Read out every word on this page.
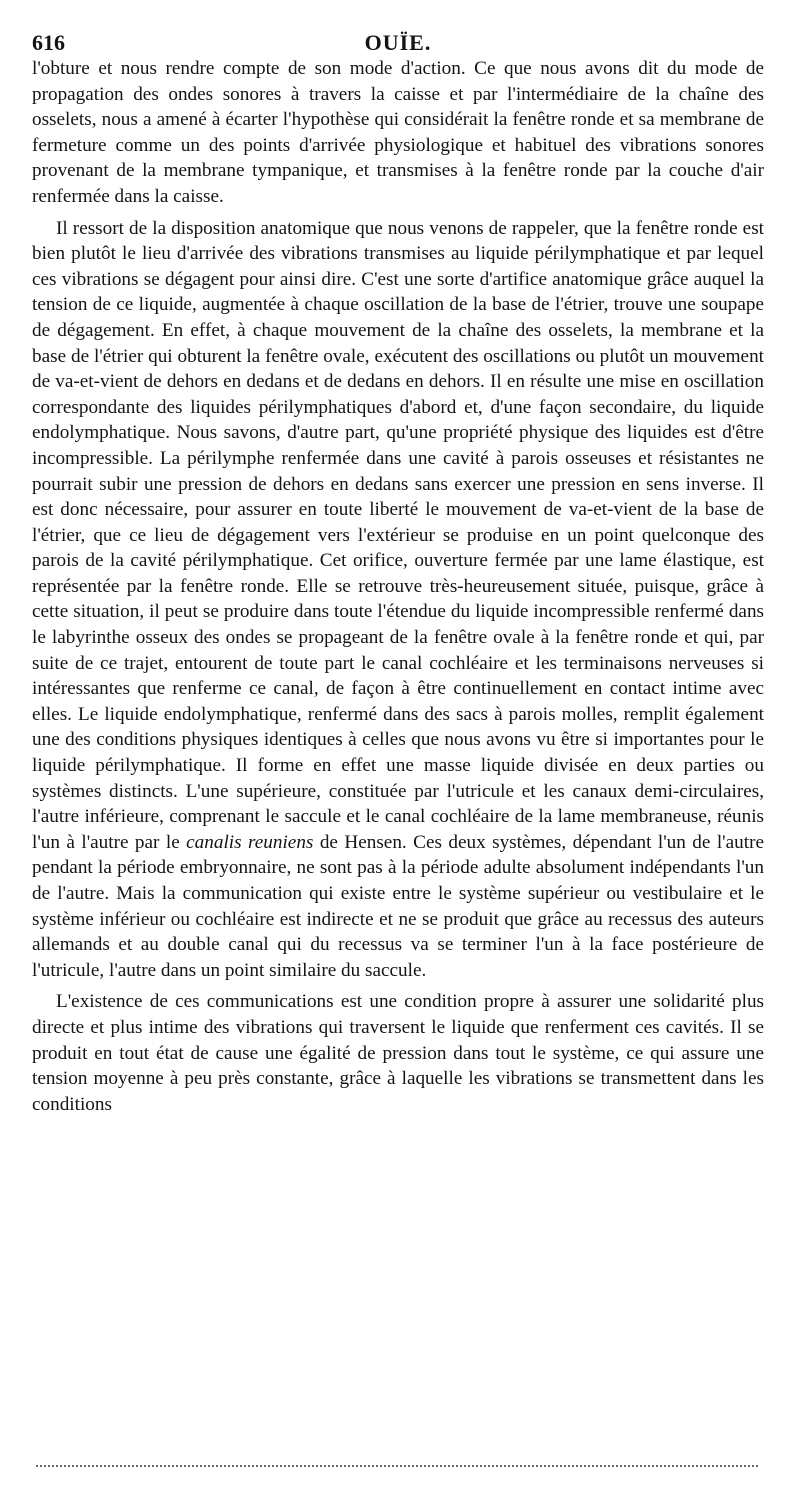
616	OUÏE.

l'obture et nous rendre compte de son mode d'action. Ce que nous avons dit du mode de propagation des ondes sonores à travers la caisse et par l'intermédiaire de la chaîne des osselets, nous a amené à écarter l'hypothèse qui considérait la fenêtre ronde et sa membrane de fermeture comme un des points d'arrivée physiologique et habituel des vibrations sonores provenant de la membrane tympanique, et transmises à la fenêtre ronde par la couche d'air renfermée dans la caisse.

Il ressort de la disposition anatomique que nous venons de rappeler, que la fenêtre ronde est bien plutôt le lieu d'arrivée des vibrations transmises au liquide périlymphatique et par lequel ces vibrations se dégagent pour ainsi dire. C'est une sorte d'artifice anatomique grâce auquel la tension de ce liquide, augmentée à chaque oscillation de la base de l'étrier, trouve une soupape de dégagement. En effet, à chaque mouvement de la chaîne des osselets, la membrane et la base de l'étrier qui obturent la fenêtre ovale, exécutent des oscillations ou plutôt un mouvement de va-et-vient de dehors en dedans et de dedans en dehors. Il en résulte une mise en oscillation correspondante des liquides périlymphatiques d'abord et, d'une façon secondaire, du liquide endolymphatique. Nous savons, d'autre part, qu'une propriété physique des liquides est d'être incompressible. La périlymphe renfermée dans une cavité à parois osseuses et résistantes ne pourrait subir une pression de dehors en dedans sans exercer une pression en sens inverse. Il est donc nécessaire, pour assurer en toute liberté le mouvement de va-et-vient de la base de l'étrier, que ce lieu de dégagement vers l'extérieur se produise en un point quelconque des parois de la cavité périlymphatique. Cet orifice, ouverture fermée par une lame élastique, est représentée par la fenêtre ronde. Elle se retrouve très-heureusement située, puisque, grâce à cette situation, il peut se produire dans toute l'étendue du liquide incompressible renfermé dans le labyrinthe osseux des ondes se propageant de la fenêtre ovale à la fenêtre ronde et qui, par suite de ce trajet, entourent de toute part le canal cochléaire et les terminaisons nerveuses si intéressantes que renferme ce canal, de façon à être continuellement en contact intime avec elles. Le liquide endolymphatique, renfermé dans des sacs à parois molles, remplit également une des conditions physiques identiques à celles que nous avons vu être si importantes pour le liquide périlymphatique. Il forme en effet une masse liquide divisée en deux parties ou systèmes distincts. L'une supérieure, constituée par l'utricule et les canaux demi-circulaires, l'autre inférieure, comprenant le saccule et le canal cochléaire de la lame membraneuse, réunis l'un à l'autre par le canalis reuniens de Hensen. Ces deux systèmes, dépendant l'un de l'autre pendant la période embryonnaire, ne sont pas à la période adulte absolument indépendants l'un de l'autre. Mais la communication qui existe entre le système supérieur ou vestibulaire et le système inférieur ou cochléaire est indirecte et ne se produit que grâce au recessus des auteurs allemands et au double canal qui du recessus va se terminer l'un à la face postérieure de l'utricule, l'autre dans un point similaire du saccule.

L'existence de ces communications est une condition propre à assurer une solidarité plus directe et plus intime des vibrations qui traversent le liquide que renferment ces cavités. Il se produit en tout état de cause une égalité de pression dans tout le système, ce qui assure une tension moyenne à peu près constante, grâce à laquelle les vibrations se transmettent dans les conditions
